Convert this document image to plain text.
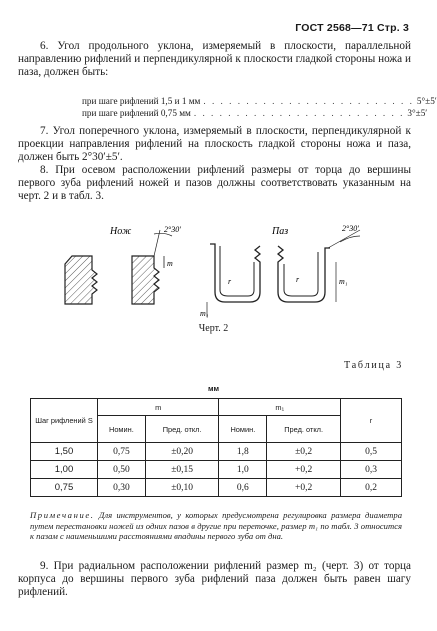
ГОСТ 2568—71 Стр. 3
6. Угол продольного уклона, измеряемый в плоскости, параллельной направлению рифлений и перпендикулярной к плоскости гладкой стороны ножа и паза, должен быть:
при шаге рифлений 1,5 и 1 мм . . . . . . . . . . . . . . . . . . . . . . . . . 5°±5′
при шаге рифлений 0,75 мм . . . . . . . . . . . . . . . . . . . . . . . . . 3°±5′
7. Угол поперечного уклона, измеряемый в плоскости, перпендикулярной к проекции направления рифлений на плоскость гладкой стороны ножа и паза, должен быть 2°30′±5′.
8. При осевом расположении рифлений размеры от торца до вершины первого зуба рифлений ножей и пазов должны соответствовать указанным на черт. 2 и в табл. 3.
Нож
m
2°30′	Паз
r
m₁
r	m₁
2°30′
Черт. 2
Таблица 3
мм
Шаг рифлений S	m		m₁		r
	Номин.	Пред. откл.	Номин.	Пред. откл.	
1,50	0,75	±0,20	1,8	±0,2	0,5
1,00	0,50	±0,15	1,0	+0,2	0,3
0,75	0,30	±0,10	0,6	+0,2	0,2
Примечание. Для инструментов, у которых предусмотрена регулировка размера диаметра путем перестановки ножей из одних пазов в другие при переточке, размер m₁ по табл. 3 относится к пазам с наименьшими расстояниями впадины первого зуба от дна.
9. При радиальном расположении рифлений размер m₂ (черт. 3) от торца корпуса до вершины первого зуба рифлений паза должен быть равен шагу рифлений.
